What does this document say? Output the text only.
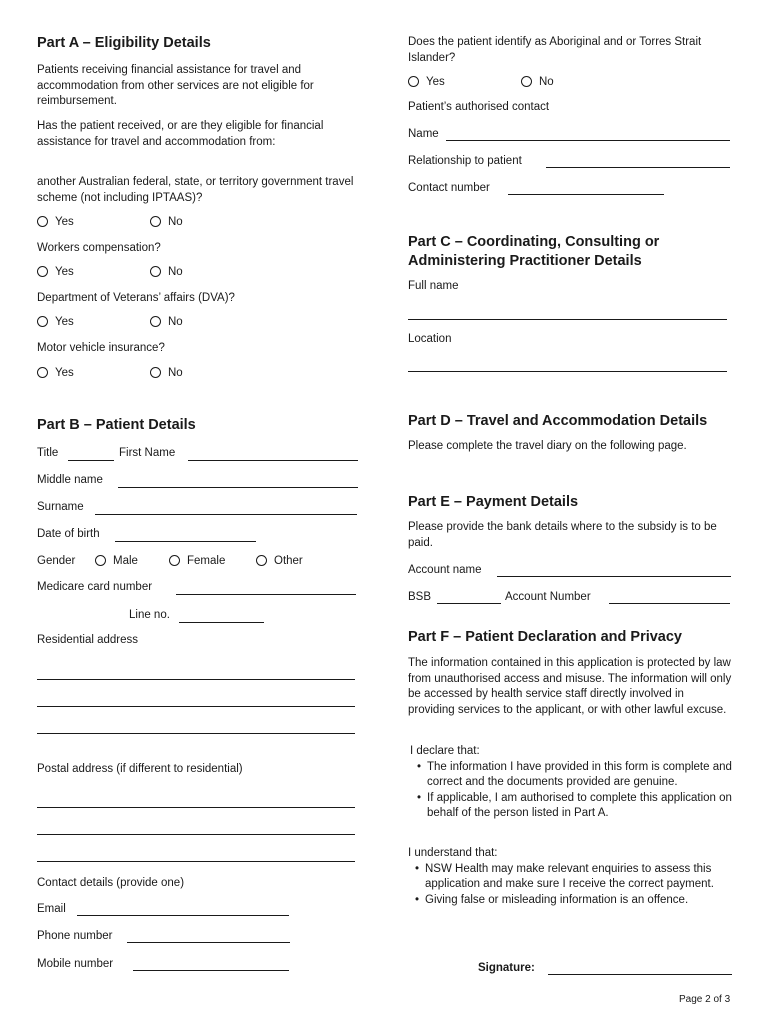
Part A – Eligibility Details
Patients receiving financial assistance for travel and accommodation from other services are not eligible for reimbursement.
Has the patient received, or are they eligible for financial assistance for travel and accommodation from:
another Australian federal, state, or territory government travel scheme (not including IPTAAS)?
Yes	No
Workers compensation?
Yes	No
Department of Veterans’ affairs (DVA)?
Yes	No
Motor vehicle insurance?
Yes	No
Part B – Patient Details
Title	First Name
Middle name
Surname
Date of birth
Gender	Male	Female	Other
Medicare card number
Line no.
Residential address
Postal address (if different to residential)
Contact details (provide one)
Email
Phone number
Mobile number
Does the patient identify as Aboriginal and or Torres Strait Islander?
Yes	No
Patient’s authorised contact
Name
Relationship to patient
Contact number
Part C – Coordinating, Consulting or Administering Practitioner Details
Full name
Location
Part D – Travel and Accommodation Details
Please complete the travel diary on the following page.
Part E – Payment Details
Please provide the bank details where to the subsidy is to be paid.
Account name
BSB	Account Number
Part F – Patient Declaration and Privacy
The information contained in this application is protected by law from unauthorised access and misuse. The information will only be accessed by health service staff directly involved in providing services to the applicant, or with other lawful excuse.
I declare that:
• The information I have provided in this form is complete and correct and the documents provided are genuine.
• If applicable, I am authorised to complete this application on behalf of the person listed in Part A.
I understand that:
• NSW Health may make relevant enquiries to assess this application and make sure I receive the correct payment.
• Giving false or misleading information is an offence.
Signature:
Page 2 of 3
